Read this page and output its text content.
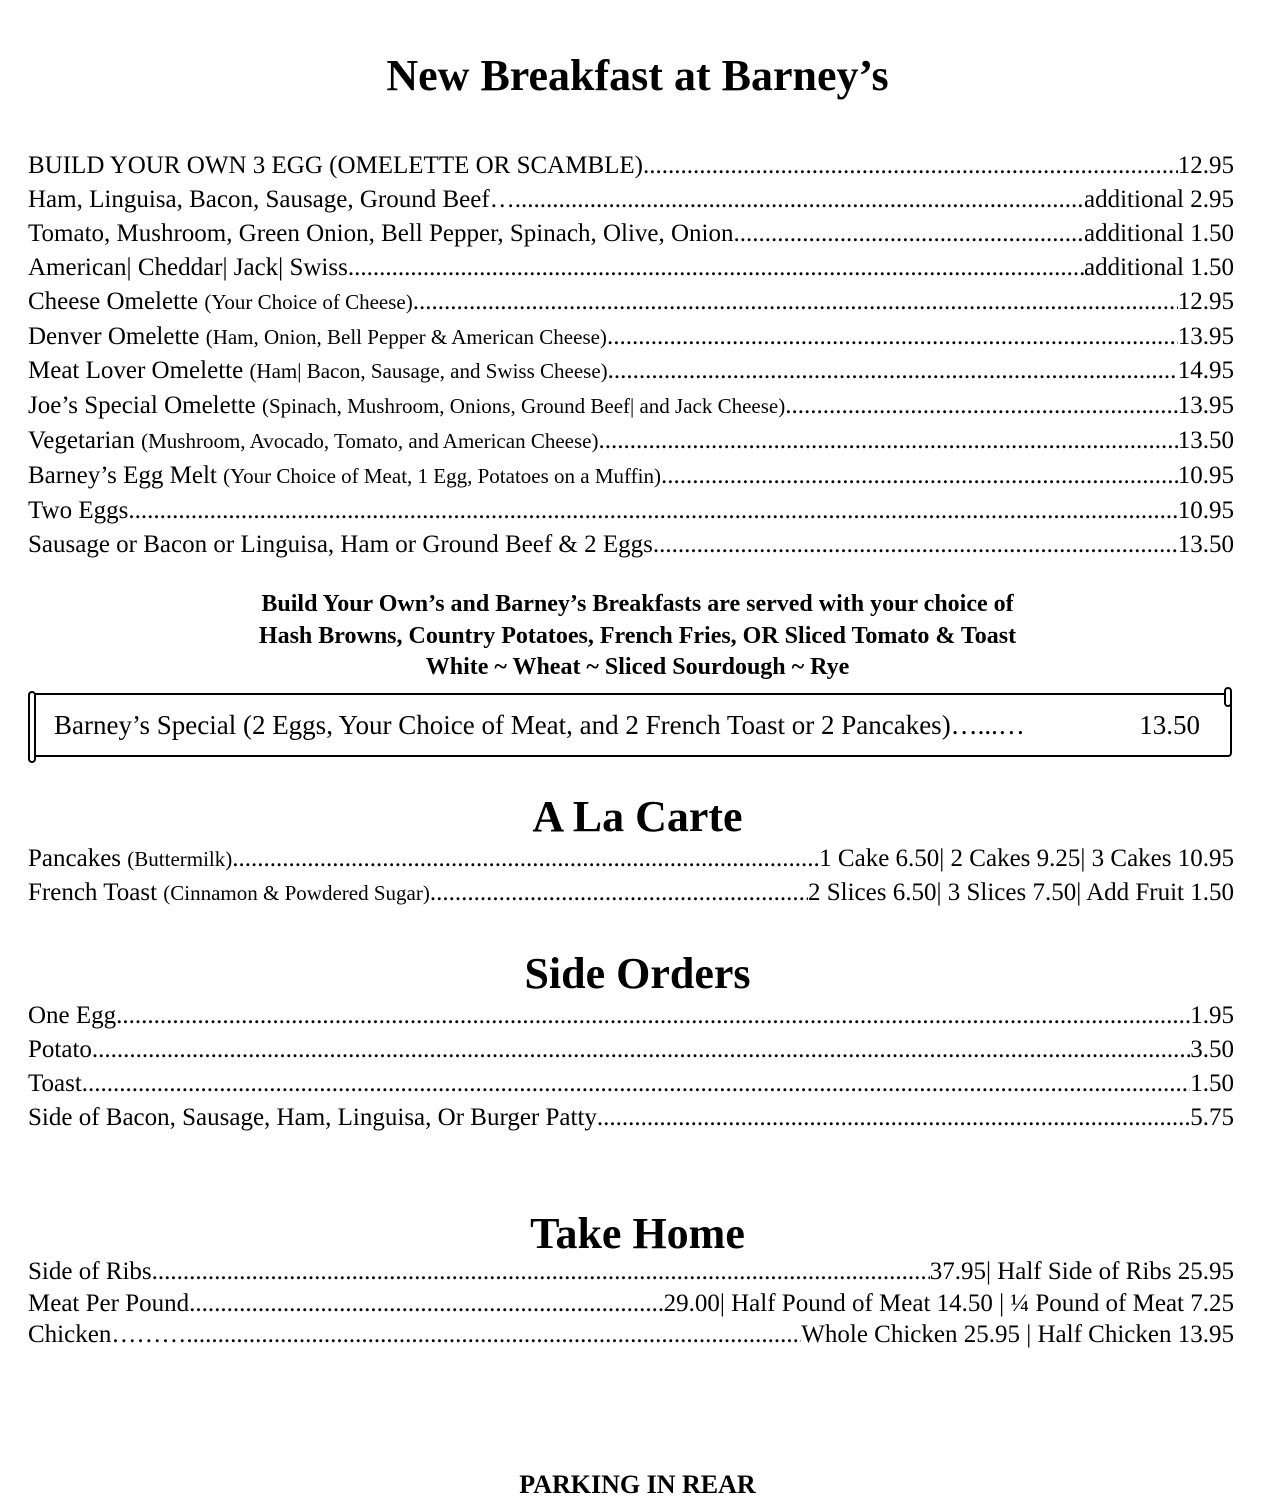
New Breakfast at Barney’s
BUILD YOUR OWN 3 EGG (OMELETTE OR SCAMBLE) .....	12.95
Ham, Linguisa, Bacon, Sausage, Ground Beef… .....	additional 2.95
Tomato, Mushroom, Green Onion, Bell Pepper, Spinach, Olive, Onion. .....	additional 1.50
American| Cheddar| Jack| Swiss .....	additional 1.50
Cheese Omelette (Your Choice of Cheese) .....	12.95
Denver Omelette (Ham, Onion, Bell Pepper & American Cheese) .....	13.95
Meat Lover Omelette (Ham| Bacon, Sausage, and Swiss Cheese) .....	14.95
Joe’s Special Omelette (Spinach, Mushroom, Onions, Ground Beef| and Jack Cheese) .....	13.95
Vegetarian (Mushroom, Avocado, Tomato, and American Cheese) .....	13.50
Barney’s Egg Melt (Your Choice of Meat, 1 Egg, Potatoes on a Muffin) .....	10.95
Two Eggs .....	10.95
Sausage or Bacon or Linguisa, Ham or Ground Beef & 2 Eggs .....	13.50
Build Your Own’s and Barney’s Breakfasts are served with your choice of
Hash Browns, Country Potatoes, French Fries, OR Sliced Tomato & Toast
White ~ Wheat ~ Sliced Sourdough ~ Rye
Barney’s Special (2 Eggs, Your Choice of Meat, and 2 French Toast or 2 Pancakes)…...…	13.50
A La Carte
Pancakes (Buttermilk) .....	1 Cake 6.50| 2 Cakes 9.25| 3 Cakes 10.95
French Toast (Cinnamon & Powdered Sugar) .....	2 Slices 6.50| 3 Slices 7.50| Add Fruit 1.50
Side Orders
One Egg .....	1.95
Potato .....	3.50
Toast .....	1.50
Side of Bacon, Sausage, Ham, Linguisa, Or Burger Patty .....	5.75
Take Home
Side of Ribs .....	37.95| Half Side of Ribs 25.95
Meat Per Pound .....	29.00| Half Pound of Meat 14.50 | ¼ Pound of Meat 7.25
Chicken……… .....	Whole Chicken 25.95 | Half Chicken 13.95
PARKING IN REAR
